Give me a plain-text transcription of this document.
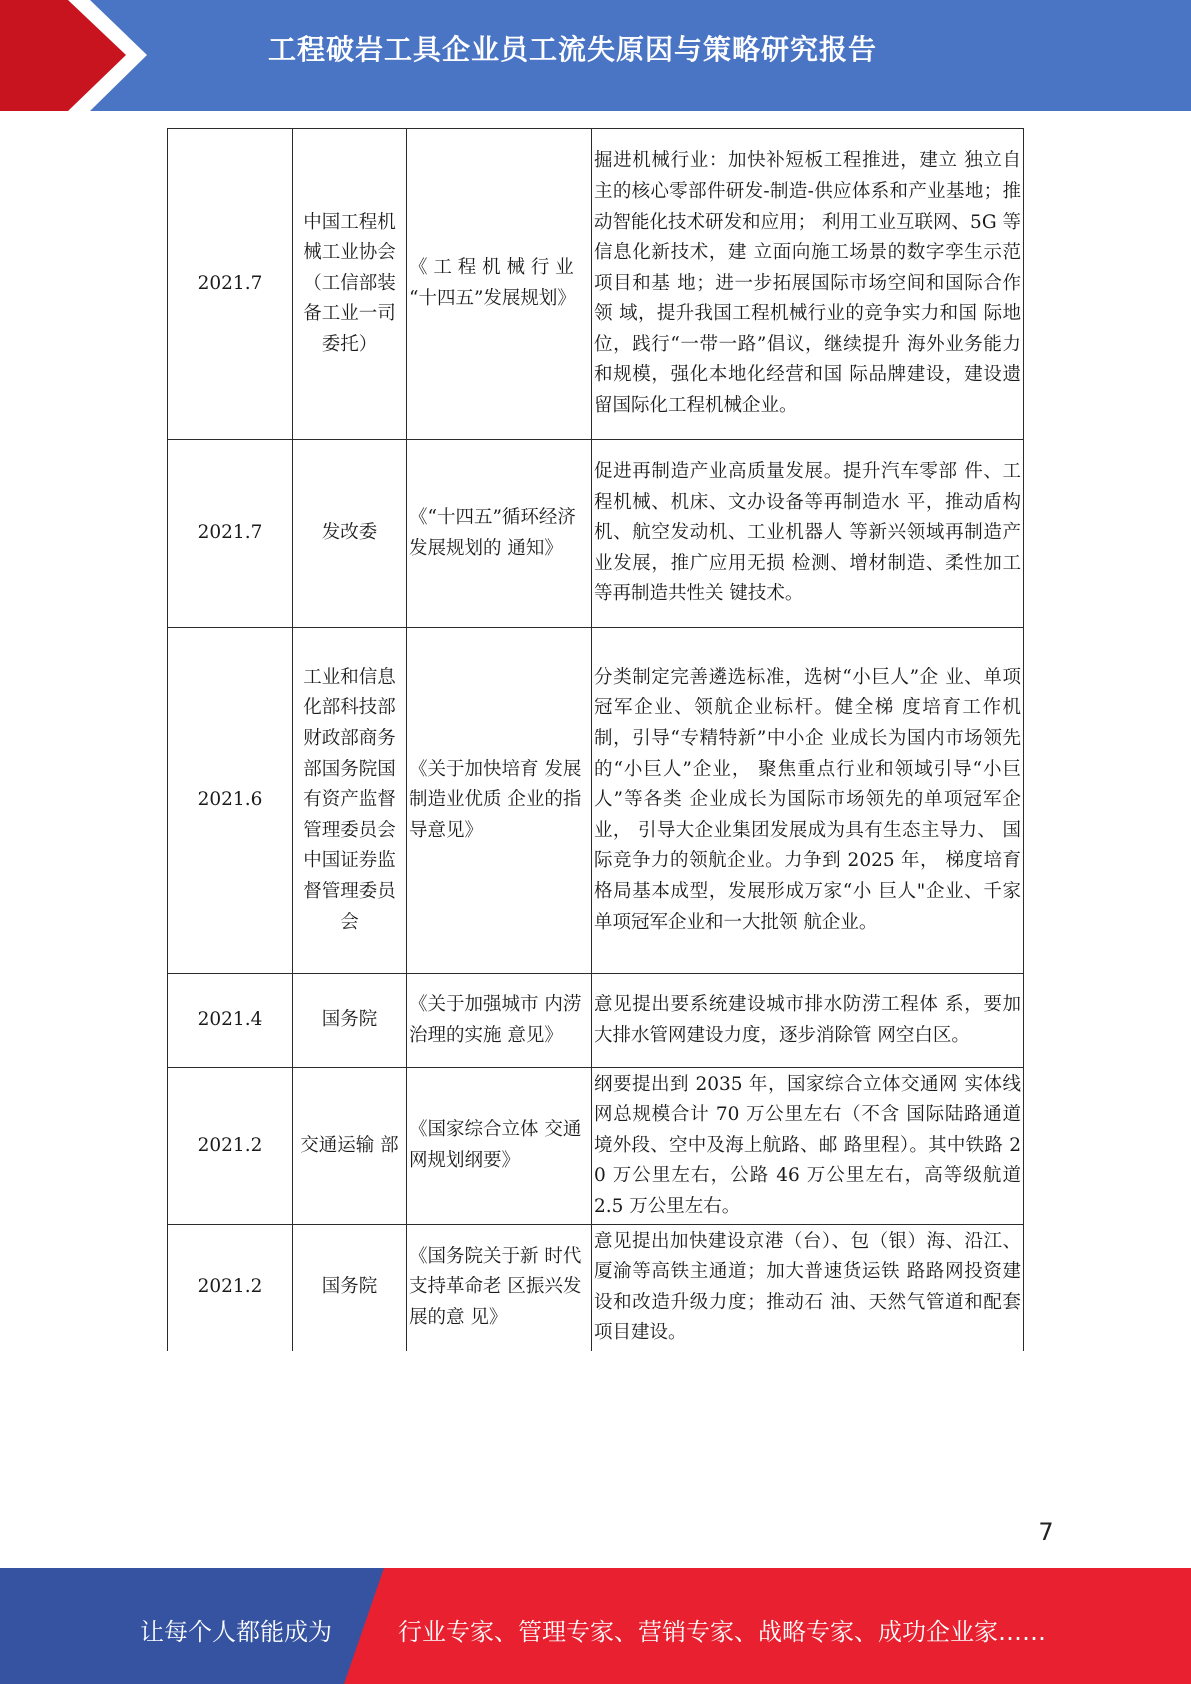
工程破岩工具企业员工流失原因与策略研究报告
2021.7	中国工程机械工业协会（工信部装备工业一司委托）	《 工 程 机 械 行 业 “十四五”发展规划》	掘进机械行业：加快补短板工程推进，建立 独立自主的核心零部件研发-制造-供应体系和产业基地；推动智能化技术研发和应用； 利用工业互联网、5G 等信息化新技术，建 立面向施工场景的数字孪生示范项目和基 地；进一步拓展国际市场空间和国际合作领 域，提升我国工程机械行业的竞争实力和国 际地位，践行“一带一路”倡议，继续提升 海外业务能力和规模，强化本地化经营和国 际品牌建设，建设遗留国际化工程机械企业。
2021.7	发改委	《“十四五”循环经济发展规划的 通知》	促进再制造产业高质量发展。提升汽车零部 件、工程机械、机床、文办设备等再制造水 平，推动盾构机、航空发动机、工业机器人 等新兴领域再制造产业发展，推广应用无损 检测、增材制造、柔性加工等再制造共性关 键技术。
2021.6	工业和信息化部科技部财政部商务部国务院国有资产监督管理委员会中国证券监督管理委员会	《关于加快培育 发展制造业优质 企业的指导意见》	分类制定完善遴选标准，选树“小巨人”企 业、单项冠军企业、领航企业标杆。健全梯 度培育工作机制，引导“专精特新”中小企 业成长为国内市场领先的“小巨人”企业， 聚焦重点行业和领域引导“小巨人”等各类 企业成长为国际市场领先的单项冠军企业， 引导大企业集团发展成为具有生态主导力、 国际竞争力的领航企业。力争到 2025 年， 梯度培育格局基本成型，发展形成万家“小 巨人"企业、千家单项冠军企业和一大批领 航企业。
2021.4	国务院	《关于加强城市 内涝治理的实施 意见》	意见提出要系统建设城市排水防涝工程体 系，要加大排水管网建设力度，逐步消除管 网空白区。
2021.2	交通运输 部	《国家综合立体 交通网规划纲要》	纲要提出到 2035 年，国家综合立体交通网 实体线网总规模合计 70 万公里左右（不含 国际陆路通道境外段、空中及海上航路、邮 路里程）。其中铁路 20 万公里左右，公路 46 万公里左右，高等级航道 2.5 万公里左右。
2021.2	国务院	《国务院关于新 时代支持革命老 区振兴发展的意 见》	意见提出加快建设京港（台）、包（银）海、沿江、厦渝等高铁主通道；加大普速货运铁 路路网投资建设和改造升级力度；推动石 油、天然气管道和配套项目建设。
7
让每个人都能成为	行业专家、管理专家、营销专家、战略专家、成功企业家……
